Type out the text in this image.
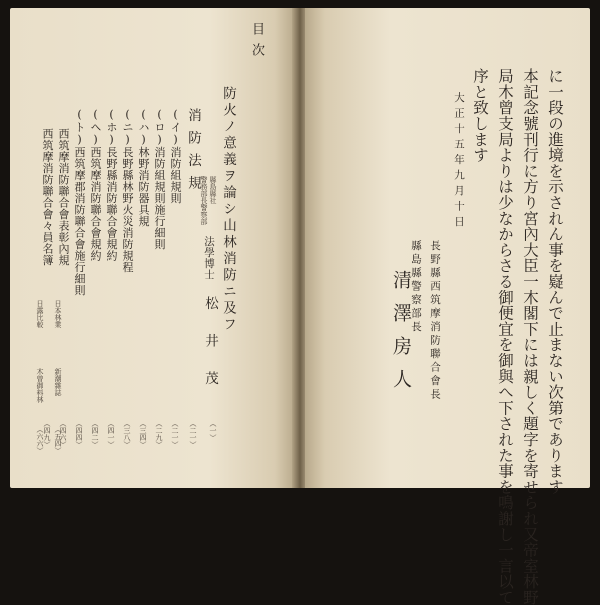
目次
防火ノ意義ヲ論シ山林消防ニ及フ
縣島縣社
警務部長警察部
法學博士
松井茂
（一）
消防法規
（二一）
(イ)消防組規則
（二一）
(ロ)消防組規則施行細則
（二九）
(ハ)林野消防器具規
（三四）
(ニ)長野縣林野火災消防規程
（三八）
(ホ)長野縣消防聯合會規約
（四一）
(ヘ)西筑摩消防聯合會規約
（四二）
(ト)西筑摩郡消防聯合會施行細則
（四四）
西筑摩消防聯合會表彰內規
（四六）
西筑摩消防聯合會々員名簿
（四九）
日本林業
新潮雜誌
（五四）
日露比較
木曾御料林
（六六）	に一段の進境を示されん事を嶷んで止まない次第であります
本記念號刊行に方り宮內大臣一木閣下には親しく題字を寄せられ又帝室林野
局木曾支局よりは少なからさる御便宜を御與へ下された事を鳴謝し一言以て
序と致します
大正十五年九月十日
長野縣西筑摩消防聯合會長
縣島縣警察部長
清澤房人
